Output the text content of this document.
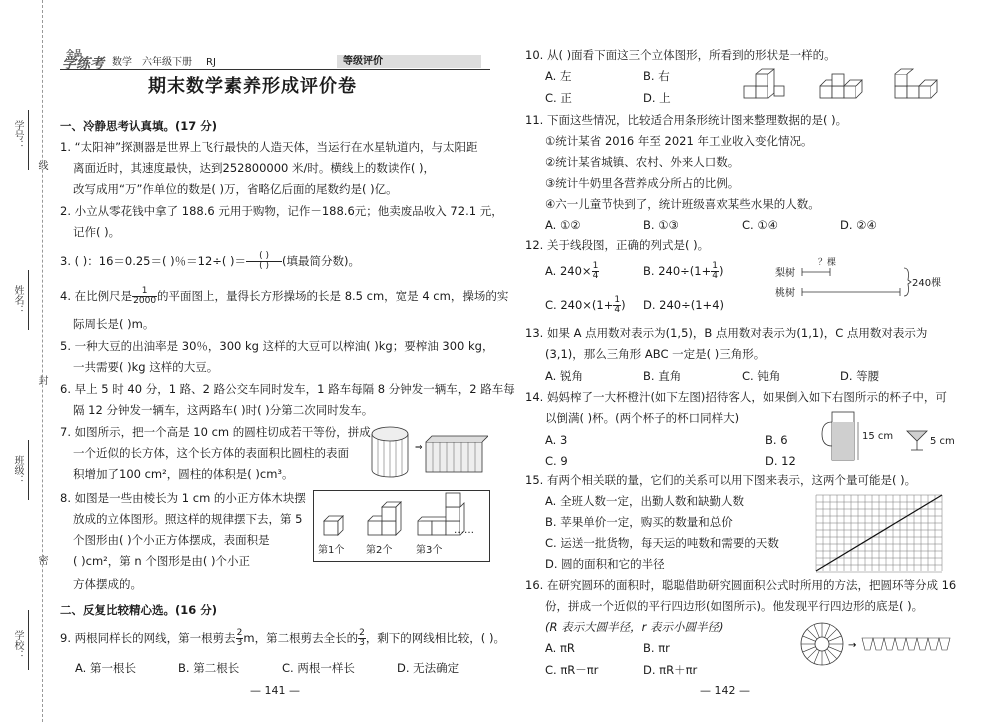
学号：
姓名：
班级：
学校：
线
封
密
全品
学练考 数学 六年级下册 RJ	等级评价
期末数学素养形成评价卷
一、冷静思考认真填。(17 分)
1. “太阳神”探测器是世界上飞行最快的人造天体，当运行在水星轨道内，与太阳距
离面近时，其速度最快，达到252800000 米/时。横线上的数读作( )，
改写成用“万”作单位的数是( )万，省略亿后面的尾数约是( )亿。
2. 小立从零花钱中拿了 188.6 元用于购物，记作－188.6元；他卖废品收入 72.1 元，
记作( )。
3. ( )：16＝0.25＝( )％＝12÷( )＝ $\frac{( )}{( )}$ (填最简分数)。
4. 在比例尺是 $\frac{1}{2000}$ 的平面图上，量得长方形操场的长是 8.5 cm，宽是 4 cm，操场的实
际周长是( )m。
5. 一种大豆的出油率是 30％，300 kg 这样的大豆可以榨油( )kg；要榨油 300 kg，
一共需要( )kg 这样的大豆。
6. 早上 5 时 40 分，1 路、2 路公交车同时发车，1 路车每隔 8 分钟发一辆车，2 路车每
隔 12 分钟发一辆车，这两路车( )时( )分第二次同时发车。
7. 如图所示，把一个高是 10 cm 的圆柱切成若干等份，拼成
一个近似的长方体，这个长方体的表面积比圆柱的表面
积增加了100 cm²，圆柱的体积是( )cm³。
⇒
8. 如图是一些由棱长为 1 cm 的小正方体木块摆
放成的立体图形。照这样的规律摆下去，第 5
个图形由( )个小正方体摆成，表面积是
( )cm²，第 n 个图形是由( )个小正
方体摆成的。
第1个 第2个 第3个
……
二、反复比较精心选。(16 分)
9. 两根同样长的网线，第一根剪去 $\frac{2}{3}$ m，第二根剪去全长的 $\frac{2}{3}$ ，剩下的网线相比较，( )。
A. 第一根长	B. 第二根长	C. 两根一样长	D. 无法确定
— 141 —
10. 从( )面看下面这三个立体图形，所看到的形状是一样的。
A. 左	B. 右
C. 正	D. 上
11. 下面这些情况，比较适合用条形统计图来整理数据的是( )。
①统计某省 2016 年至 2021 年工业收入变化情况。
②统计某省城镇、农村、外来人口数。
③统计牛奶里各营养成分所占的比例。
④六一儿童节快到了，统计班级喜欢某些水果的人数。
A. ①②	B. ①③	C. ①④	D. ②④
12. 关于线段图，正确的列式是( )。
A. $240\times \frac{1}{4}$	B. $240\div(1+ \frac{1}{4}$ )
C. $240\times(1+ \frac{1}{4}$ ) D. 240÷(1+4)
梨树
桃树
？棵
240棵
13. 如果 A 点用数对表示为(1,5)，B 点用数对表示为(1,1)，C 点用数对表示为
(3,1)，那么三角形 ABC 一定是( )三角形。
A. 锐角	B. 直角	C. 钝角	D. 等腰
14. 妈妈榨了一大杯橙汁(如下左图)招待客人，如果倒入如下右图所示的杯子中，可
以倒满( )杯。(两个杯子的杯口同样大)
A. 3	B. 6
C. 9	D. 12
15 cm	5 cm
15. 有两个相关联的量，它们的关系可以用下图来表示，这两个量可能是( )。
A. 全班人数一定，出勤人数和缺勤人数
B. 苹果单价一定，购买的数量和总价
C. 运送一批货物，每天运的吨数和需要的天数
D. 圆的面积和它的半径
16. 在研究圆环的面积时，聪聪借助研究圆面积公式时所用的方法，把圆环等分成 16
份，拼成一个近似的平行四边形(如图所示)。他发现平行四边形的底是( )。
(R 表示大圆半径，r 表示小圆半径)
A. πR	B. πr
C. πR－πr	D. πR＋πr
→
— 142 —
